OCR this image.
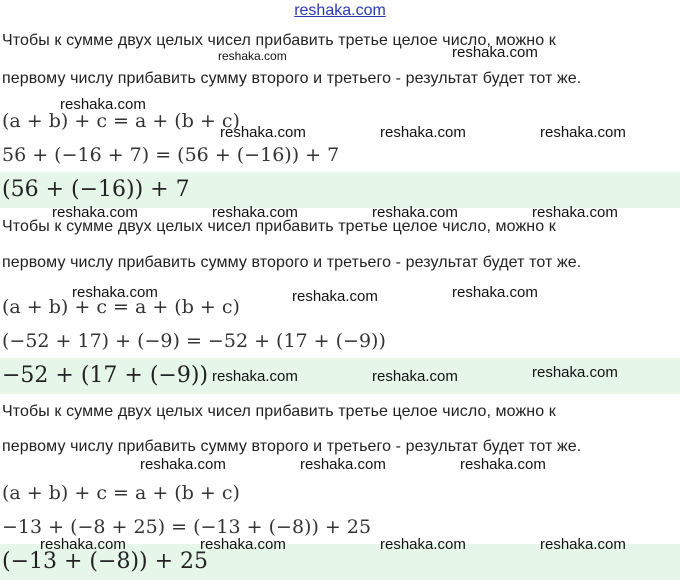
reshaka.com
Чтобы к сумме двух целых чисел прибавить третье целое число, можно к
первому числу прибавить сумму второго и третьего - результат будет тот же.
(a + b) + c = a + (b + c)
56 + (−16 + 7) = (56 + (−16)) + 7
(56 + (−16)) + 7
Чтобы к сумме двух целых чисел прибавить третье целое число, можно к
первому числу прибавить сумму второго и третьего - результат будет тот же.
(a + b) + c = a + (b + c)
(−52 + 17) + (−9) = −52 + (17 + (−9))
−52 + (17 + (−9))
Чтобы к сумме двух целых чисел прибавить третье целое число, можно к
первому числу прибавить сумму второго и третьего - результат будет тот же.
(a + b) + c = a + (b + c)
−13 + (−8 + 25) = (−13 + (−8)) + 25
(−13 + (−8)) + 25
reshaka.com
reshaka.com
reshaka.com
reshaka.com	reshaka.com	reshaka.com
reshaka.com	reshaka.com	reshaka.com	reshaka.com
reshaka.com	reshaka.com	reshaka.com
reshaka.com	reshaka.com	reshaka.com
reshaka.com	reshaka.com	reshaka.com
reshaka.com	reshaka.com	reshaka.com	reshaka.com
